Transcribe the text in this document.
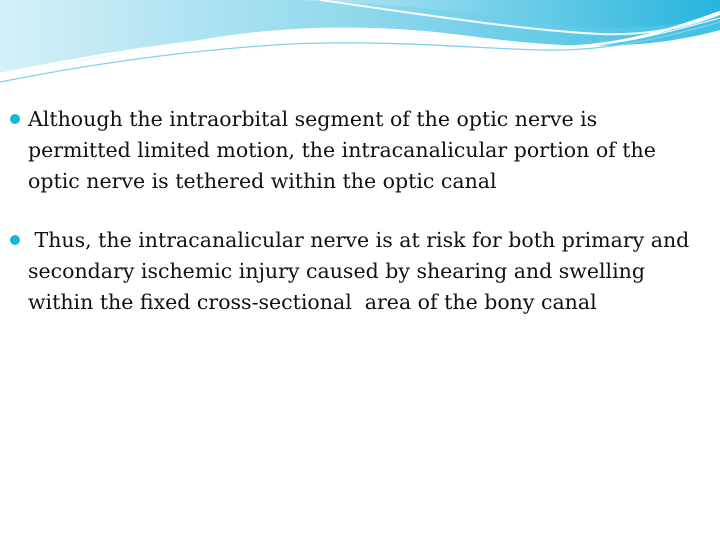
Although the intraorbital segment of the optic nerve is permitted limited motion, the intracanalicular portion of the optic nerve is tethered within the optic canal
Thus, the intracanalicular nerve is at risk for both primary and secondary ischemic injury caused by shearing and swelling within the fixed cross-sectional  area of the bony canal
